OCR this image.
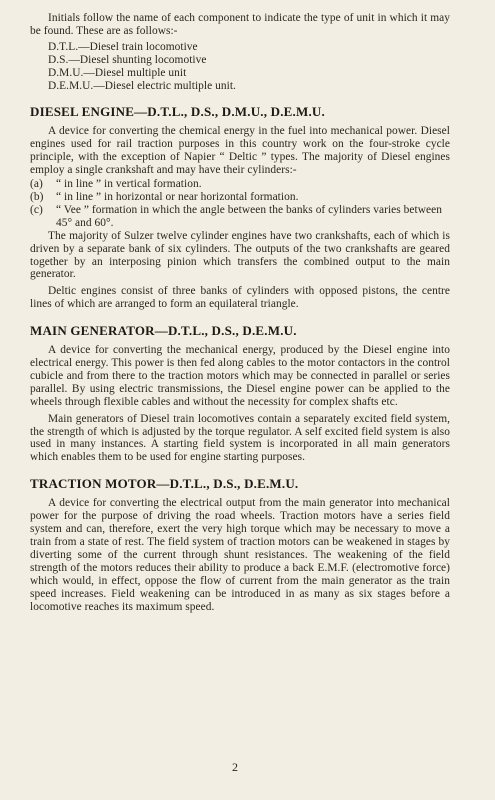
Initials follow the name of each component to indicate the type of unit in which it may be found. These are as follows:-

D.T.L.—Diesel train locomotive
D.S.—Diesel shunting locomotive
D.M.U.—Diesel multiple unit
D.E.M.U.—Diesel electric multiple unit.
DIESEL ENGINE—D.T.L., D.S., D.M.U., D.E.M.U.

A device for converting the chemical energy in the fuel into mechanical power. Diesel engines used for rail traction purposes in this country work on the four-stroke cycle principle, with the exception of Napier “ Deltic ” types. The majority of Diesel engines employ a single crankshaft and may have their cylinders:-

(a)	“ in line ” in vertical formation.
(b)	“ in line ” in horizontal or near horizontal formation.
(c)	“ Vee ” formation in which the angle between the banks of cylinders varies between 45° and 60°.

The majority of Sulzer twelve cylinder engines have two crankshafts, each of which is driven by a separate bank of six cylinders. The outputs of the two crankshafts are geared together by an interposing pinion which transfers the combined output to the main generator.

Deltic engines consist of three banks of cylinders with opposed pistons, the centre lines of which are arranged to form an equilateral triangle.

MAIN GENERATOR—D.T.L., D.S., D.E.M.U.

A device for converting the mechanical energy, produced by the Diesel engine into electrical energy. This power is then fed along cables to the motor contactors in the control cubicle and from there to the traction motors which may be connected in parallel or series parallel. By using electric transmissions, the Diesel engine power can be applied to the wheels through flexible cables and without the necessity for complex shafts etc.

Main generators of Diesel train locomotives contain a separately excited field system, the strength of which is adjusted by the torque regulator. A self excited field system is also used in many instances. A starting field system is incorporated in all main generators which enables them to be used for engine starting purposes.

TRACTION MOTOR—D.T.L., D.S., D.E.M.U.

A device for converting the electrical output from the main generator into mechanical power for the purpose of driving the road wheels. Traction motors have a series field system and can, therefore, exert the very high torque which may be necessary to move a train from a state of rest. The field system of traction motors can be weakened in stages by diverting some of the current through shunt resistances. The weakening of the field strength of the motors reduces their ability to produce a back E.M.F. (electromotive force) which would, in effect, oppose the flow of current from the main generator as the train speed increases. Field weakening can be introduced in as many as six stages before a locomotive reaches its maximum speed.

2
